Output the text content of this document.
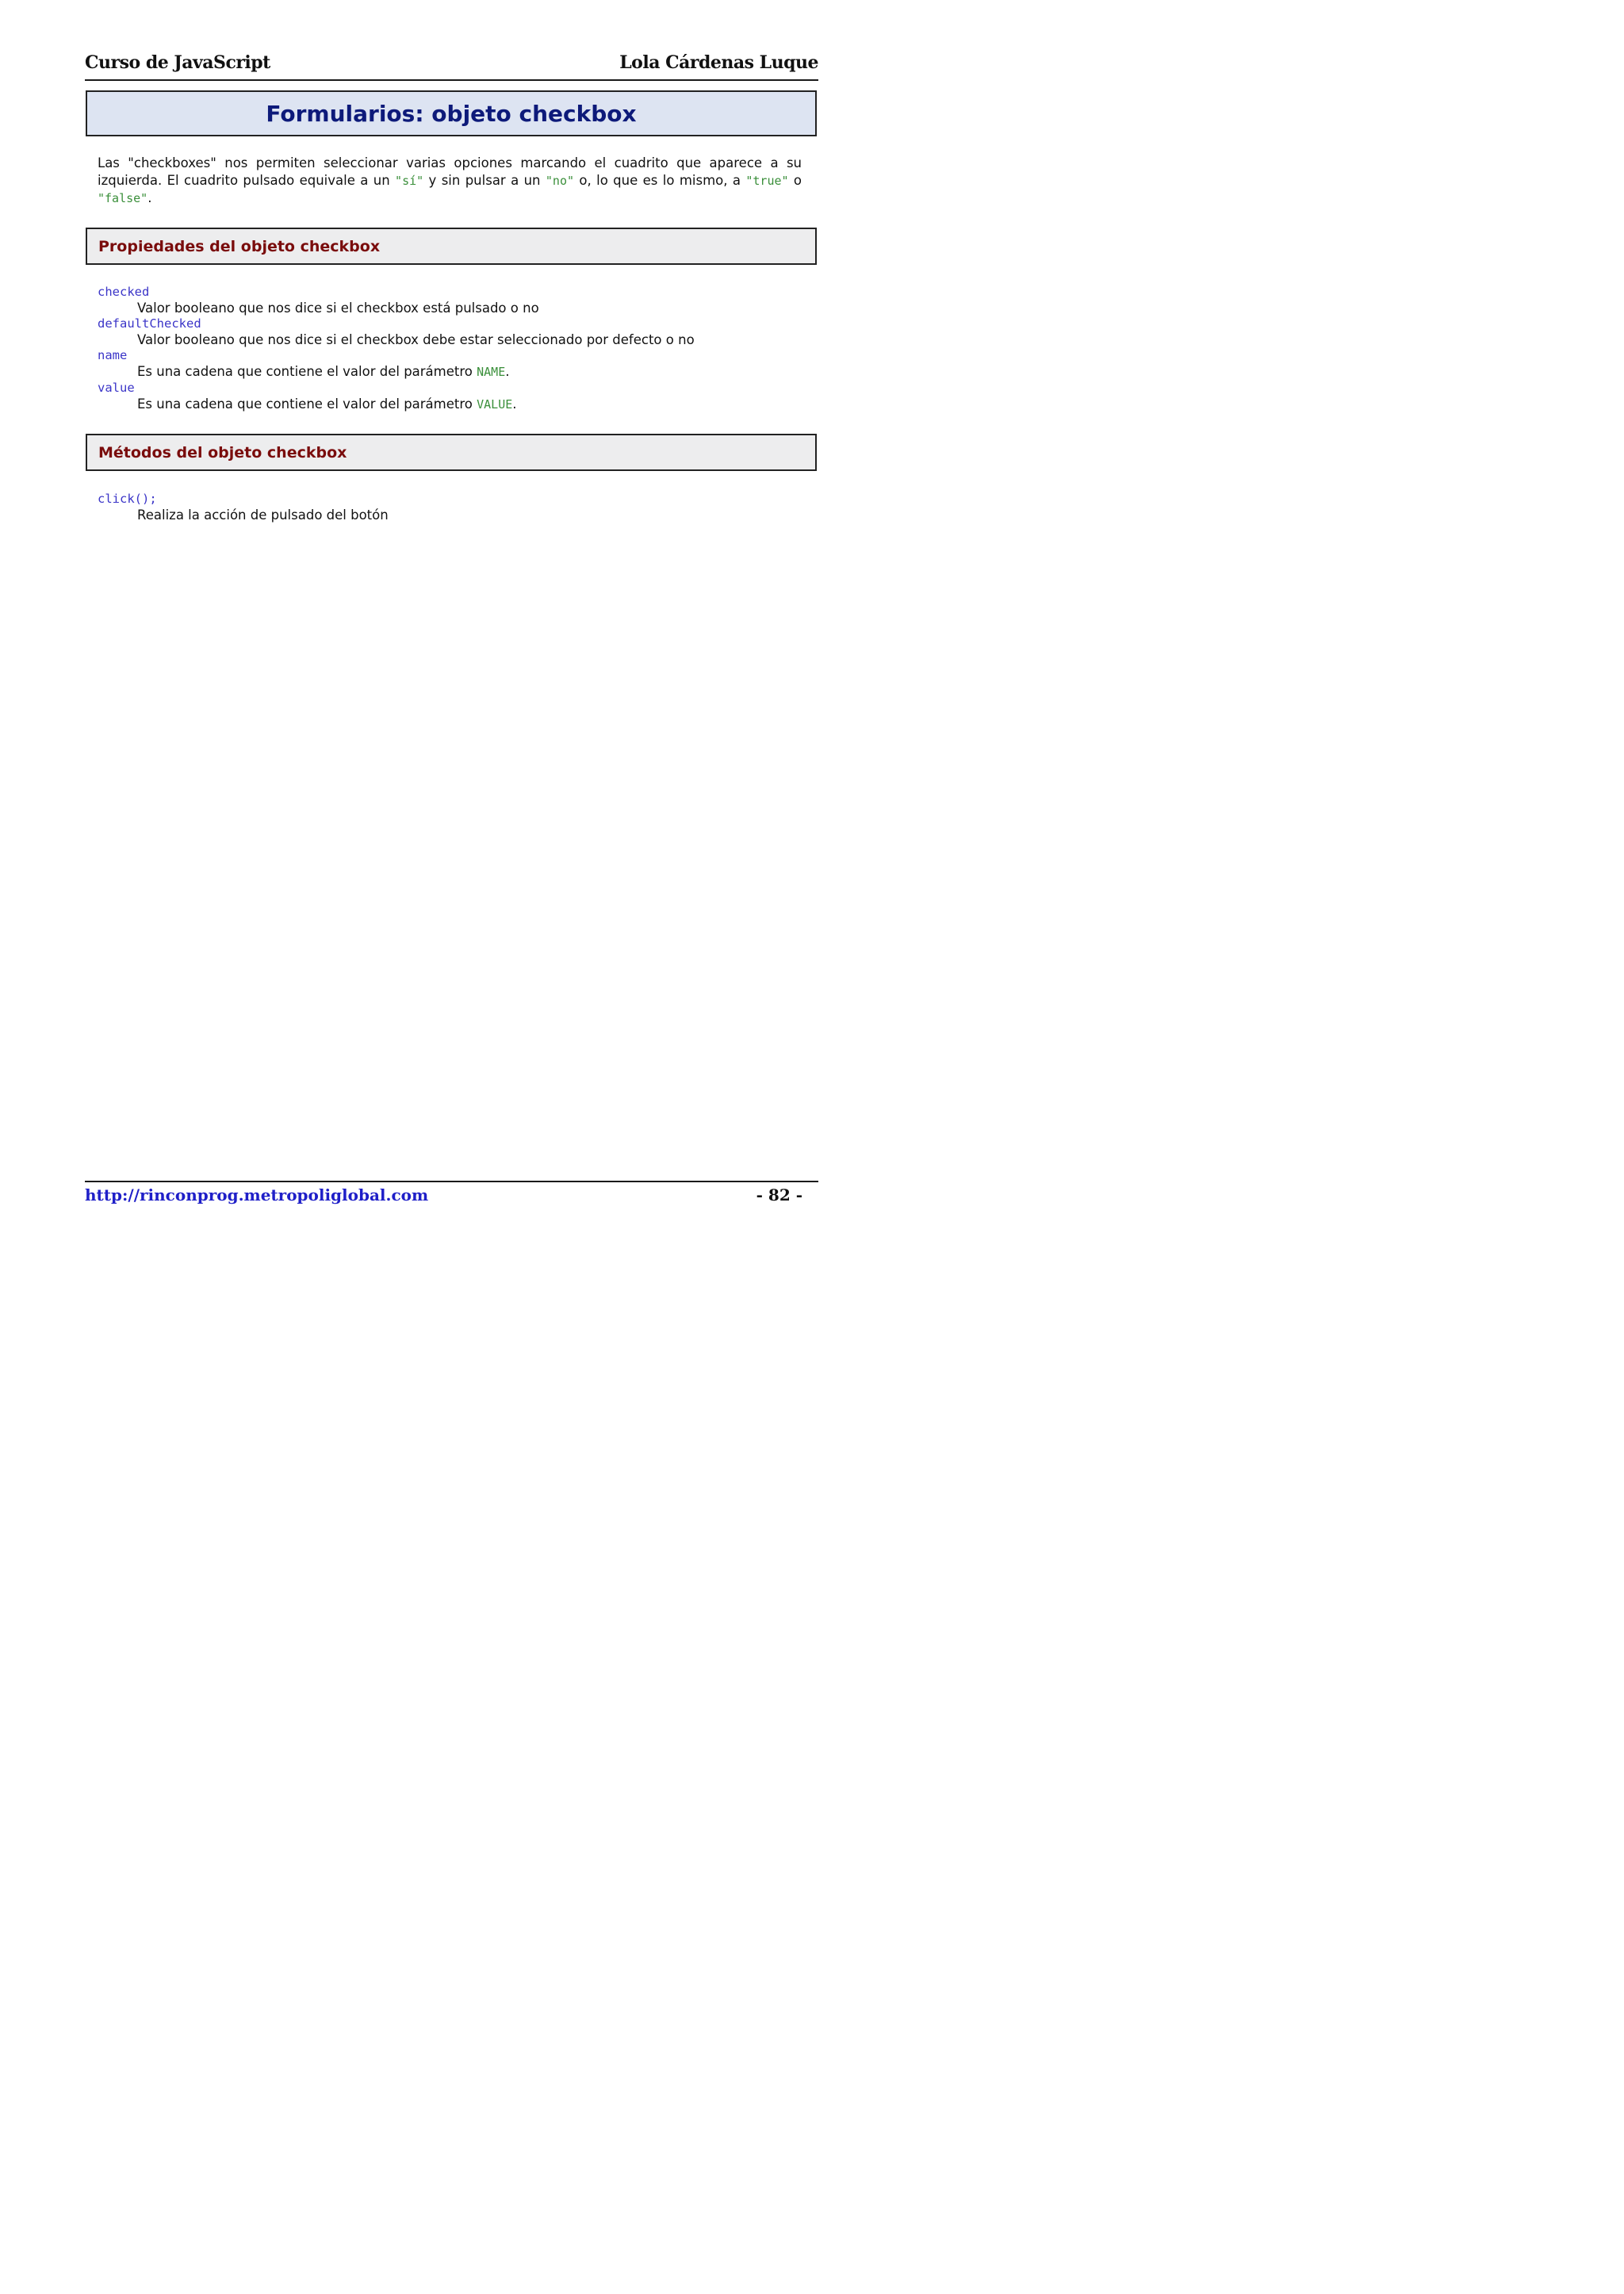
Curso de JavaScript	Lola Cárdenas Luque
Formularios: objeto checkbox

Las "checkboxes" nos permiten seleccionar varias opciones marcando el cuadrito que aparece a su izquierda. El cuadrito pulsado equivale a un "sí" y sin pulsar a un "no" o, lo que es lo mismo, a "true" o "false".

Propiedades del objeto checkbox

checked

Valor booleano que nos dice si el checkbox está pulsado o no

defaultChecked

Valor booleano que nos dice si el checkbox debe estar seleccionado por defecto o no

name

Es una cadena que contiene el valor del parámetro NAME.

value

Es una cadena que contiene el valor del parámetro VALUE.

Métodos del objeto checkbox

click();

Realiza la acción de pulsado del botón

http://rinconprog.metropoliglobal.com	- 82 -
